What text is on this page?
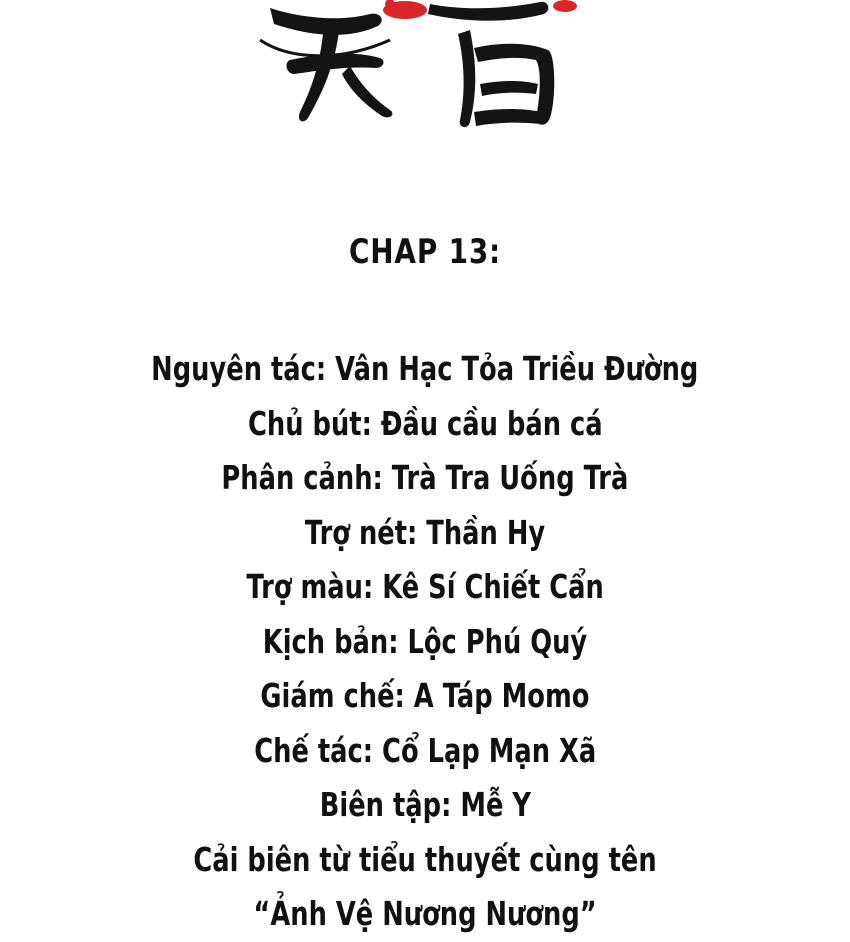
CHAP 13:
Nguyên tác: Vân Hạc Tỏa Triều Đường
Chủ bút: Đầu cầu bán cá
Phân cảnh: Trà Tra Uống Trà
Trợ nét: Thần Hy
Trợ màu: Kê Sí Chiết Cẩn
Kịch bản: Lộc Phú Quý
Giám chế: A Táp Momo
Chế tác: Cổ Lạp Mạn Xã
Biên tập: Mễ Y
Cải biên từ tiểu thuyết cùng tên
“Ảnh Vệ Nương Nương”
